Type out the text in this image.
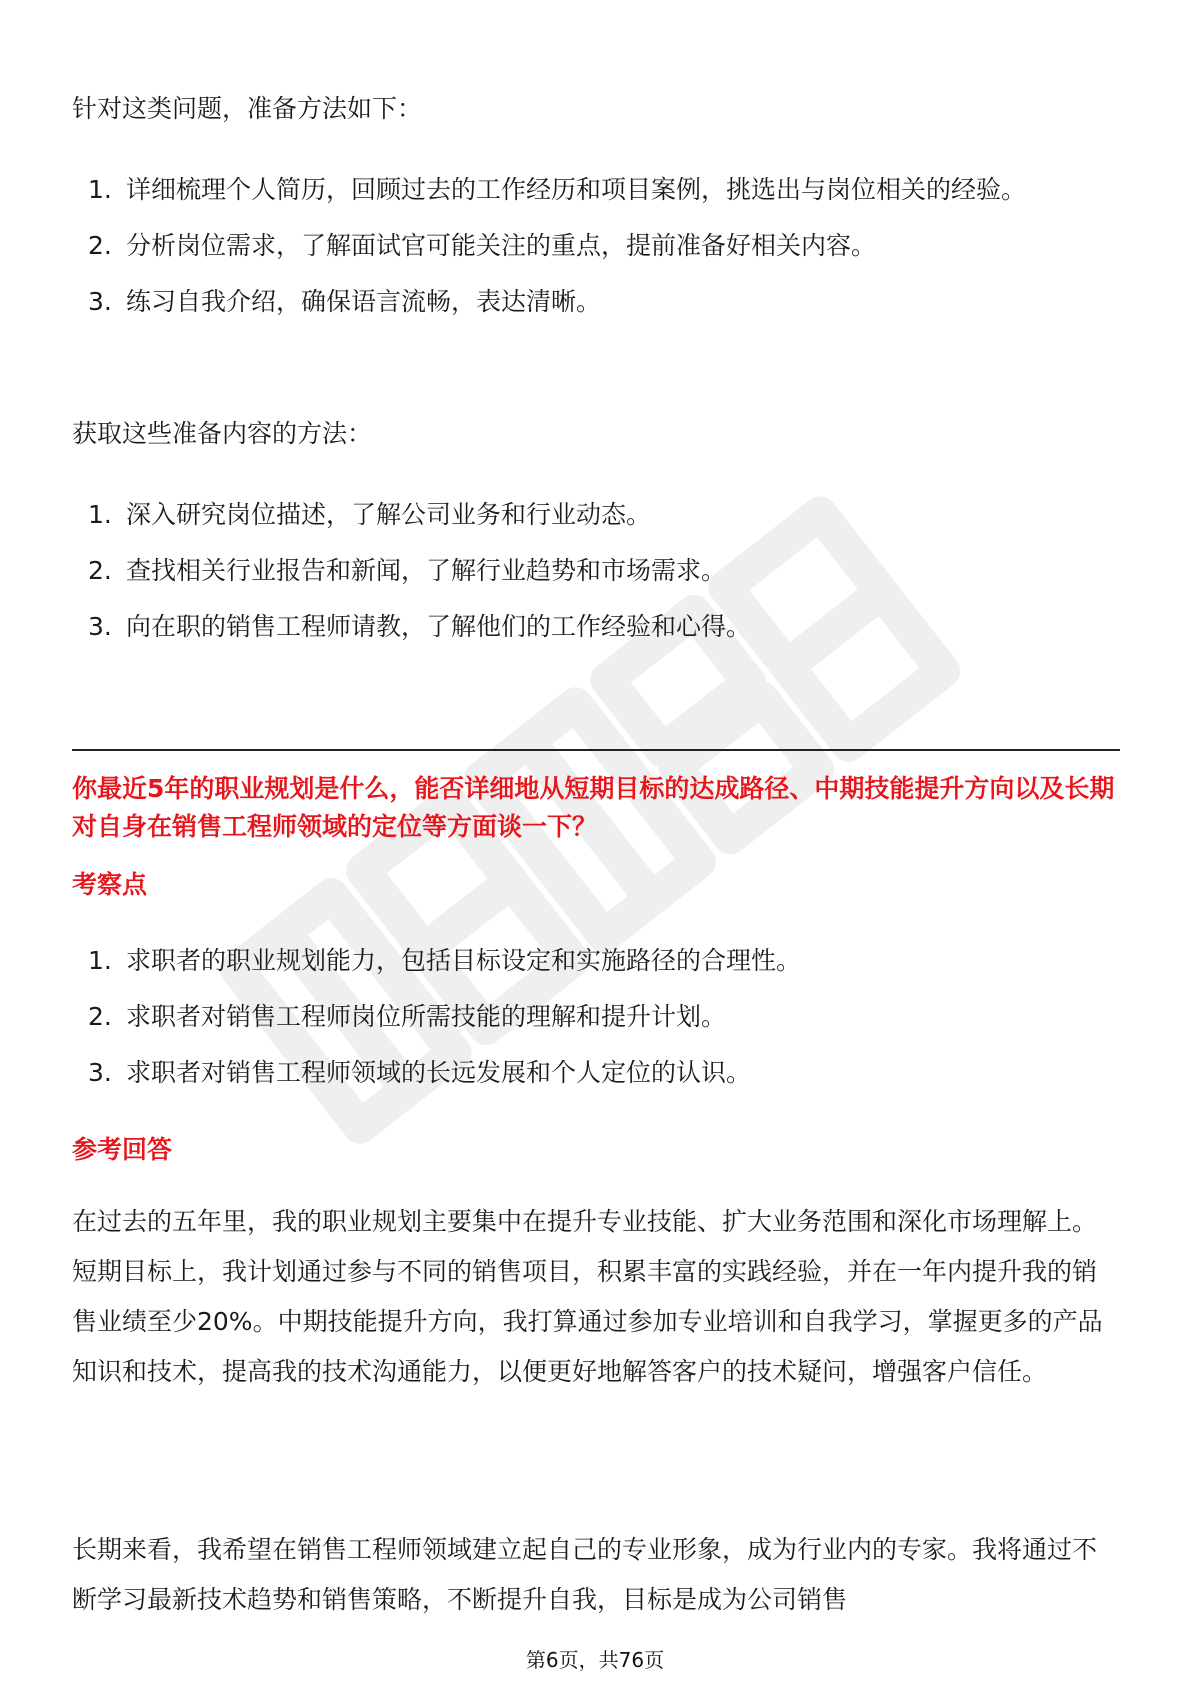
针对这类问题，准备方法如下：

1. 详细梳理个人简历，回顾过去的工作经历和项目案例，挑选出与岗位相关的经验。
2. 分析岗位需求，了解面试官可能关注的重点，提前准备好相关内容。
3. 练习自我介绍，确保语言流畅，表达清晰。

获取这些准备内容的方法：

1. 深入研究岗位描述，了解公司业务和行业动态。
2. 查找相关行业报告和新闻，了解行业趋势和市场需求。
3. 向在职的销售工程师请教，了解他们的工作经验和心得。

你最近5年的职业规划是什么，能否详细地从短期目标的达成路径、中期技能提升方向以及长期对自身在销售工程师领域的定位等方面谈一下？

考察点

1. 求职者的职业规划能力，包括目标设定和实施路径的合理性。
2. 求职者对销售工程师岗位所需技能的理解和提升计划。
3. 求职者对销售工程师领域的长远发展和个人定位的认识。

参考回答

在过去的五年里，我的职业规划主要集中在提升专业技能、扩大业务范围和深化市场理解上。短期目标上，我计划通过参与不同的销售项目，积累丰富的实践经验，并在一年内提升我的销售业绩至少20%。中期技能提升方向，我打算通过参加专业培训和自我学习，掌握更多的产品知识和技术，提高我的技术沟通能力，以便更好地解答客户的技术疑问，增强客户信任。

长期来看，我希望在销售工程师领域建立起自己的专业形象，成为行业内的专家。我将通过不断学习最新技术趋势和销售策略，不断提升自我，目标是成为公司销售

第6页，共76页
